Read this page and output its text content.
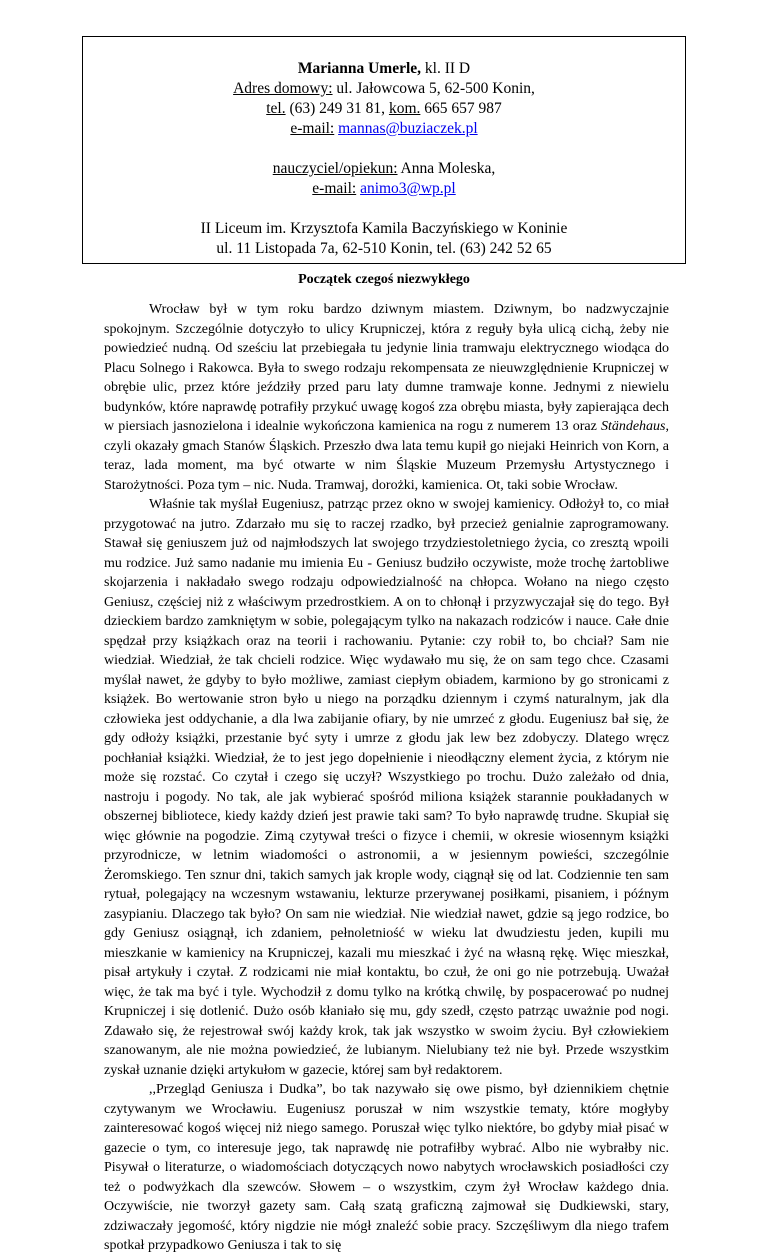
Marianna Umerle, kl. II D

Adres domowy: ul. Jałowcowa 5, 62-500 Konin,

tel. (63) 249 31 81, kom. 665 657 987

e-mail: mannas@buziaczek.pl

nauczyciel/opiekun: Anna Moleska,

e-mail: animo3@wp.pl

II Liceum im. Krzysztofa Kamila Baczyńskiego w Koninie

ul. 11 Listopada 7a, 62-510 Konin, tel. (63) 242 52 65

Początek czegoś niezwykłego

Wrocław był w tym roku bardzo dziwnym miastem. Dziwnym, bo nadzwyczajnie spokojnym. Szczególnie dotyczyło to ulicy Krupniczej, która z reguły była ulicą cichą, żeby nie powiedzieć nudną. Od sześciu lat przebiegała tu jedynie linia tramwaju elektrycznego wiodąca do Placu Solnego i Rakowca. Była to swego rodzaju rekompensata ze nieuwzględnienie Krupniczej w obrębie ulic, przez które jeździły przed paru laty dumne tramwaje konne. Jednymi z niewielu budynków, które naprawdę potrafiły przykuć uwagę kogoś zza obrębu miasta, były zapierająca dech w piersiach jasnozielona i idealnie wykończona kamienica na rogu z numerem 13 oraz Ständehaus, czyli okazały gmach Stanów Śląskich. Przeszło dwa lata temu kupił go niejaki Heinrich von Korn, a teraz, lada moment, ma być otwarte w nim Śląskie Muzeum Przemysłu Artystycznego i Starożytności. Poza tym – nic. Nuda. Tramwaj, dorożki, kamienica. Ot, taki sobie Wrocław.

Właśnie tak myślał Eugeniusz, patrząc przez okno w swojej kamienicy. Odłożył to, co miał przygotować na jutro. Zdarzało mu się to raczej rzadko, był przecież genialnie zaprogramowany. Stawał się geniuszem już od najmłodszych lat swojego trzydziestoletniego życia, co zresztą wpoili mu rodzice. Już samo nadanie mu imienia Eu - Geniusz budziło oczywiste, może trochę żartobliwe skojarzenia i nakładało swego rodzaju odpowiedzialność na chłopca. Wołano na niego często Geniusz, częściej niż z właściwym przedrostkiem. A on to chłonął i przyzwyczajał się do tego. Był dzieckiem bardzo zamkniętym w sobie, polegającym tylko na nakazach rodziców i nauce. Całe dnie spędzał przy książkach oraz na teorii i rachowaniu. Pytanie: czy robił to, bo chciał? Sam nie wiedział. Wiedział, że tak chcieli rodzice. Więc wydawało mu się, że on sam tego chce. Czasami myślał nawet, że gdyby to było możliwe, zamiast ciepłym obiadem, karmiono by go stronicami z książek. Bo wertowanie stron było u niego na porządku dziennym i czymś naturalnym, jak dla człowieka jest oddychanie, a dla lwa zabijanie ofiary, by nie umrzeć z głodu. Eugeniusz bał się, że gdy odłoży książki, przestanie być syty i umrze z głodu jak lew bez zdobyczy. Dlatego wręcz pochłaniał książki. Wiedział, że to jest jego dopełnienie i nieodłączny element życia, z którym nie może się rozstać. Co czytał i czego się uczył? Wszystkiego po trochu. Dużo zależało od dnia, nastroju i pogody. No tak, ale jak wybierać spośród miliona książek starannie poukładanych w obszernej bibliotece, kiedy każdy dzień jest prawie taki sam? To było naprawdę trudne. Skupiał się więc głównie na pogodzie. Zimą czytywał treści o fizyce i chemii, w okresie wiosennym książki przyrodnicze, w letnim wiadomości o astronomii, a w jesiennym powieści, szczególnie Żeromskiego. Ten sznur dni, takich samych jak krople wody, ciągnął się od lat. Codziennie ten sam rytuał, polegający na wczesnym wstawaniu, lekturze przerywanej posiłkami, pisaniem, i późnym zasypianiu. Dlaczego tak było? On sam nie wiedział. Nie wiedział nawet, gdzie są jego rodzice, bo gdy Geniusz osiągnął, ich zdaniem, pełnoletniość w wieku lat dwudziestu jeden, kupili mu mieszkanie w kamienicy na Krupniczej, kazali mu mieszkać i żyć na własną rękę. Więc mieszkał, pisał artykuły i czytał. Z rodzicami nie miał kontaktu, bo czuł, że oni go nie potrzebują. Uważał więc, że tak ma być i tyle. Wychodził z domu tylko na krótką chwilę, by pospacerować po nudnej Krupniczej i się dotlenić. Dużo osób kłaniało się mu, gdy szedł, często patrząc uważnie pod nogi. Zdawało się, że rejestrował swój każdy krok, tak jak wszystko w swoim życiu. Był człowiekiem szanowanym, ale nie można powiedzieć, że lubianym. Nielubiany też nie był. Przede wszystkim zyskał uznanie dzięki artykułom w gazecie, której sam był redaktorem.

,,Przegląd Geniusza i Dudka”, bo tak nazywało się owe pismo, był dziennikiem chętnie czytywanym we Wrocławiu. Eugeniusz poruszał w nim wszystkie tematy, które mogłyby zainteresować kogoś więcej niż niego samego. Poruszał więc tylko niektóre, bo gdyby miał pisać w gazecie o tym, co interesuje jego, tak naprawdę nie potrafiłby wybrać. Albo nie wybrałby nic. Pisywał o literaturze, o wiadomościach dotyczących nowo nabytych wrocławskich posiadłości czy też o podwyżkach dla szewców. Słowem – o wszystkim, czym żył Wrocław każdego dnia. Oczywiście, nie tworzył gazety sam. Całą szatą graficzną zajmował się Dudkiewski, stary, zdziwaczały jegomość, który nigdzie nie mógł znaleźć sobie pracy. Szczęśliwym dla niego trafem spotkał przypadkowo Geniusza i tak to się
